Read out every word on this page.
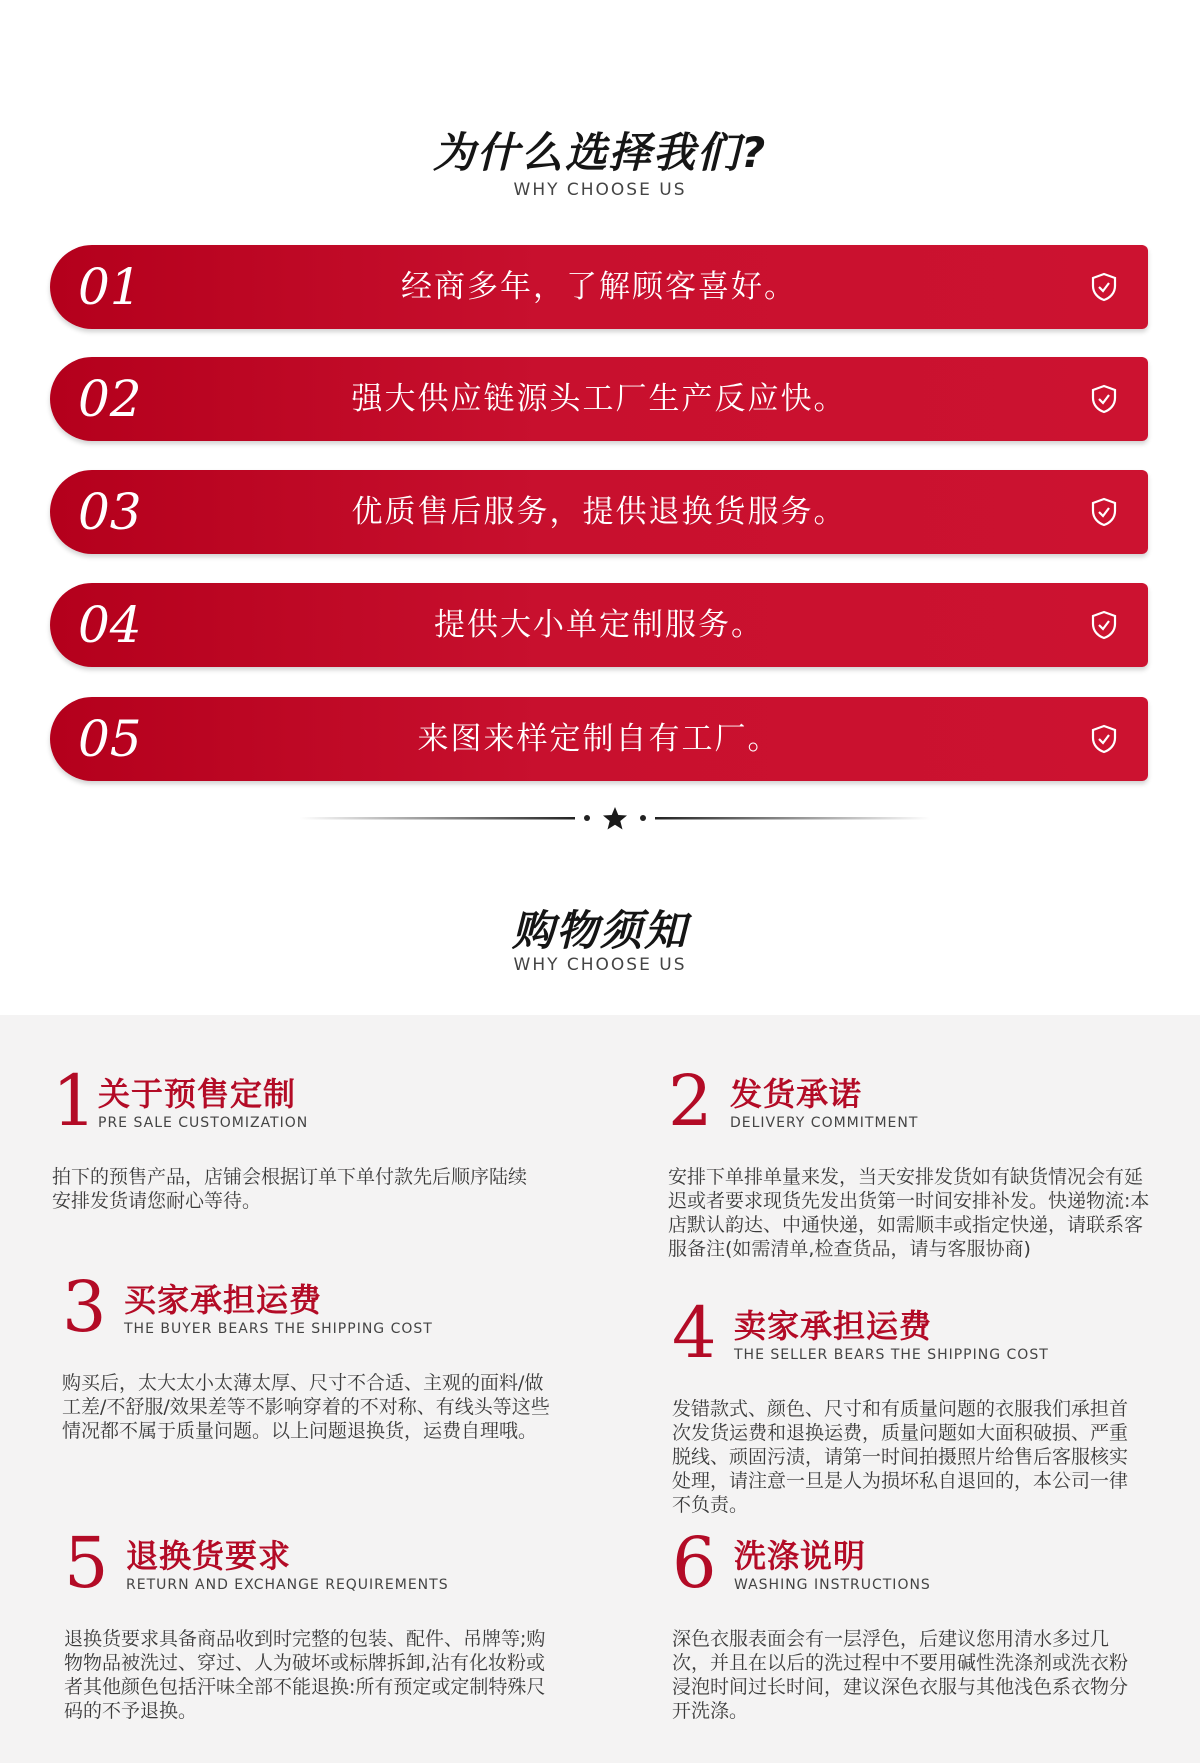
为什么选择我们?
WHY CHOOSE US
01	经商多年，了解顾客喜好。
02	强大供应链源头工厂生产反应快。
03	优质售后服务，提供退换货服务。
04	提供大小单定制服务。
05	来图来样定制自有工厂。
购物须知
WHY CHOOSE US
1 关于预售定制
PRE SALE CUSTOMIZATION
拍下的预售产品，店铺会根据订单下单付款先后顺序陆续安排发货请您耐心等待。
2 发货承诺
DELIVERY COMMITMENT
安排下单排单量来发，当天安排发货如有缺货情况会有延迟或者要求现货先发出货第一时间安排补发。快递物流:本店默认韵达、中通快递，如需顺丰或指定快递，请联系客服备注(如需清单,检查货品，请与客服协商)
3 买家承担运费
THE BUYER BEARS THE SHIPPING COST
购买后，太大太小太薄太厚、尺寸不合适、主观的面料/做工差/不舒服/效果差等不影响穿着的不对称、有线头等这些情况都不属于质量问题。以上问题退换货，运费自理哦。
4 卖家承担运费
THE SELLER BEARS THE SHIPPING COST
发错款式、颜色、尺寸和有质量问题的衣服我们承担首次发货运费和退换运费，质量问题如大面积破损、严重脱线、顽固污渍，请第一时间拍摄照片给售后客服核实处理，请注意一旦是人为损坏私自退回的，本公司一律不负责。
5 退换货要求
RETURN AND EXCHANGE REQUIREMENTS
退换货要求具备商品收到时完整的包装、配件、吊牌等;购物物品被洗过、穿过、人为破坏或标牌拆卸,沾有化妆粉或者其他颜色包括汗味全部不能退换:所有预定或定制特殊尺码的不予退换。
6 洗涤说明
WASHING INSTRUCTIONS
深色衣服表面会有一层浮色，后建议您用清水多过几次，并且在以后的洗过程中不要用碱性洗涤剂或洗衣粉浸泡时间过长时间，建议深色衣服与其他浅色系衣物分开洗涤。
